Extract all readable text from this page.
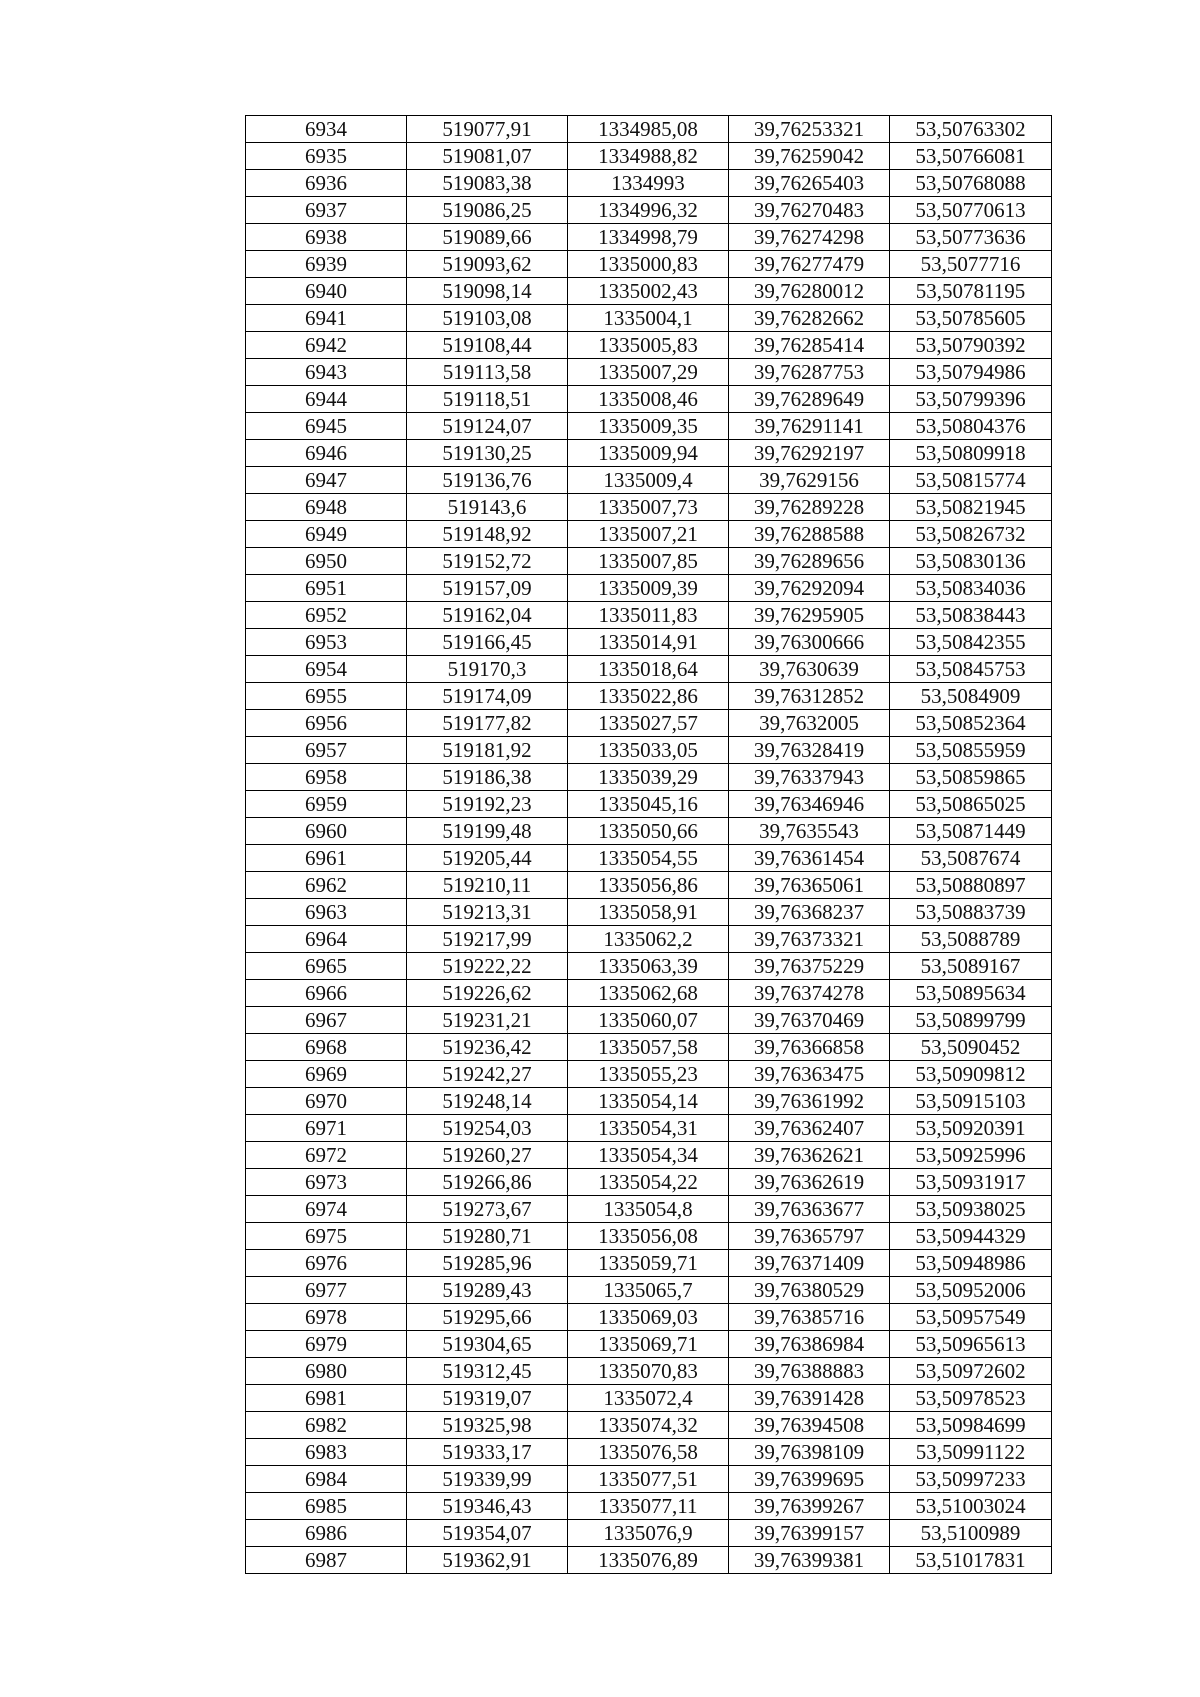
6934	519077,91	1334985,08	39,76253321	53,50763302
6935	519081,07	1334988,82	39,76259042	53,50766081
6936	519083,38	1334993	39,76265403	53,50768088
6937	519086,25	1334996,32	39,76270483	53,50770613
6938	519089,66	1334998,79	39,76274298	53,50773636
6939	519093,62	1335000,83	39,76277479	53,5077716
6940	519098,14	1335002,43	39,76280012	53,50781195
6941	519103,08	1335004,1	39,76282662	53,50785605
6942	519108,44	1335005,83	39,76285414	53,50790392
6943	519113,58	1335007,29	39,76287753	53,50794986
6944	519118,51	1335008,46	39,76289649	53,50799396
6945	519124,07	1335009,35	39,76291141	53,50804376
6946	519130,25	1335009,94	39,76292197	53,50809918
6947	519136,76	1335009,4	39,7629156	53,50815774
6948	519143,6	1335007,73	39,76289228	53,50821945
6949	519148,92	1335007,21	39,76288588	53,50826732
6950	519152,72	1335007,85	39,76289656	53,50830136
6951	519157,09	1335009,39	39,76292094	53,50834036
6952	519162,04	1335011,83	39,76295905	53,50838443
6953	519166,45	1335014,91	39,76300666	53,50842355
6954	519170,3	1335018,64	39,7630639	53,50845753
6955	519174,09	1335022,86	39,76312852	53,5084909
6956	519177,82	1335027,57	39,7632005	53,50852364
6957	519181,92	1335033,05	39,76328419	53,50855959
6958	519186,38	1335039,29	39,76337943	53,50859865
6959	519192,23	1335045,16	39,76346946	53,50865025
6960	519199,48	1335050,66	39,7635543	53,50871449
6961	519205,44	1335054,55	39,76361454	53,5087674
6962	519210,11	1335056,86	39,76365061	53,50880897
6963	519213,31	1335058,91	39,76368237	53,50883739
6964	519217,99	1335062,2	39,76373321	53,5088789
6965	519222,22	1335063,39	39,76375229	53,5089167
6966	519226,62	1335062,68	39,76374278	53,50895634
6967	519231,21	1335060,07	39,76370469	53,50899799
6968	519236,42	1335057,58	39,76366858	53,5090452
6969	519242,27	1335055,23	39,76363475	53,50909812
6970	519248,14	1335054,14	39,76361992	53,50915103
6971	519254,03	1335054,31	39,76362407	53,50920391
6972	519260,27	1335054,34	39,76362621	53,50925996
6973	519266,86	1335054,22	39,76362619	53,50931917
6974	519273,67	1335054,8	39,76363677	53,50938025
6975	519280,71	1335056,08	39,76365797	53,50944329
6976	519285,96	1335059,71	39,76371409	53,50948986
6977	519289,43	1335065,7	39,76380529	53,50952006
6978	519295,66	1335069,03	39,76385716	53,50957549
6979	519304,65	1335069,71	39,76386984	53,50965613
6980	519312,45	1335070,83	39,76388883	53,50972602
6981	519319,07	1335072,4	39,76391428	53,50978523
6982	519325,98	1335074,32	39,76394508	53,50984699
6983	519333,17	1335076,58	39,76398109	53,50991122
6984	519339,99	1335077,51	39,76399695	53,50997233
6985	519346,43	1335077,11	39,76399267	53,51003024
6986	519354,07	1335076,9	39,76399157	53,5100989
6987	519362,91	1335076,89	39,76399381	53,51017831
